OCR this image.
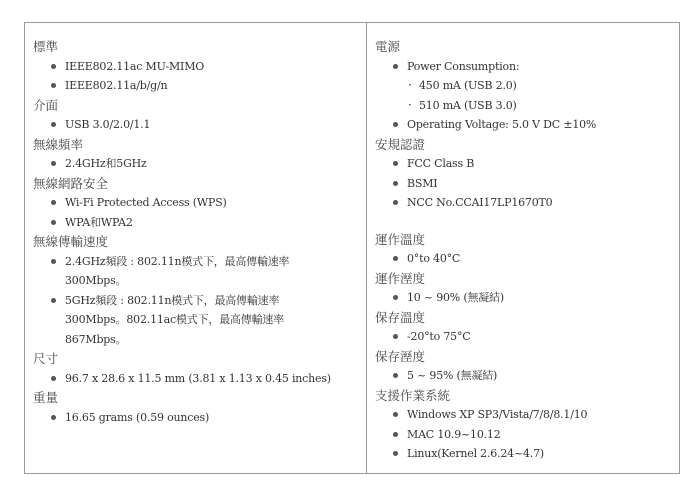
標準
IEEE802.11ac MU-MIMO
IEEE802.11a/b/g/n
介面
USB 3.0/2.0/1.1
無線頻率
2.4GHz和5GHz
無線網路安全
Wi-Fi Protected Access (WPS)
WPA和WPA2
無線傳輸速度
2.4GHz頻段 : 802.11n模式下，最高傳輸速率 300Mbps。
5GHz頻段 : 802.11n模式下，最高傳輸速率 300Mbps。802.11ac模式下，最高傳輸速率 867Mbps。
尺寸
96.7 x 28.6 x 11.5 mm (3.81 x 1.13 x 0.45 inches)
重量
16.65 grams (0.59 ounces)

電源
Power Consumption:
· 450 mA (USB 2.0)
· 510 mA (USB 3.0)
Operating Voltage: 5.0 V DC ±10%
安規認證
FCC Class B
BSMI
NCC No.CCAI17LP1670T0
運作溫度
0°to 40°C
運作溼度
10 ~ 90% (無凝結)
保存溫度
-20°to 75°C
保存溼度
5 ~ 95% (無凝結)
支援作業系統
Windows XP SP3/Vista/7/8/8.1/10
MAC 10.9~10.12
Linux(Kernel 2.6.24~4.7)
